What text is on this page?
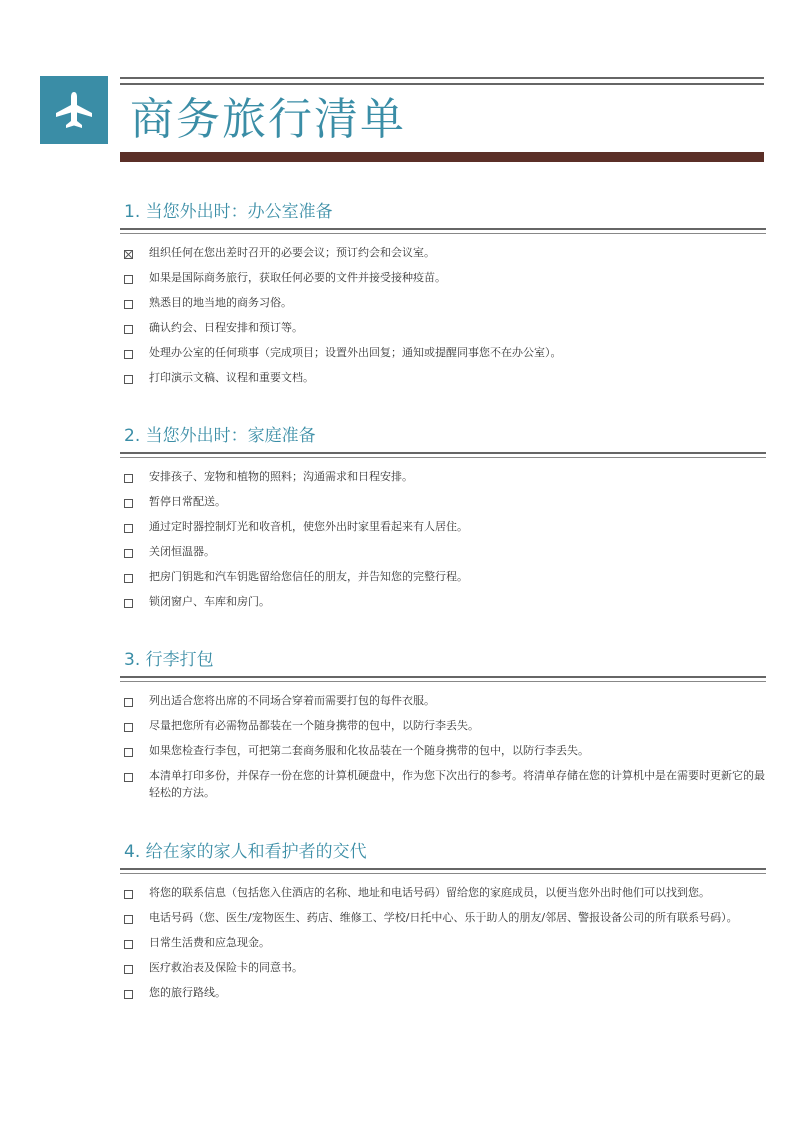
商务旅行清单
1. 当您外出时：办公室准备
组织任何在您出差时召开的必要会议；预订约会和会议室。
如果是国际商务旅行，获取任何必要的文件并接受接种疫苗。
熟悉目的地当地的商务习俗。
确认约会、日程安排和预订等。
处理办公室的任何琐事（完成项目；设置外出回复；通知或提醒同事您不在办公室）。
打印演示文稿、议程和重要文档。
2. 当您外出时：家庭准备
安排孩子、宠物和植物的照料；沟通需求和日程安排。
暂停日常配送。
通过定时器控制灯光和收音机，使您外出时家里看起来有人居住。
关闭恒温器。
把房门钥匙和汽车钥匙留给您信任的朋友，并告知您的完整行程。
锁闭窗户、车库和房门。
3. 行李打包
列出适合您将出席的不同场合穿着而需要打包的每件衣服。
尽量把您所有必需物品都装在一个随身携带的包中，以防行李丢失。
如果您检查行李包，可把第二套商务服和化妆品装在一个随身携带的包中，以防行李丢失。
本清单打印多份，并保存一份在您的计算机硬盘中，作为您下次出行的参考。将清单存储在您的计算机中是在需要时更新它的最轻松的方法。
4. 给在家的家人和看护者的交代
将您的联系信息（包括您入住酒店的名称、地址和电话号码）留给您的家庭成员，以便当您外出时他们可以找到您。
电话号码（您、医生/宠物医生、药店、维修工、学校/日托中心、乐于助人的朋友/邻居、警报设备公司的所有联系号码）。
日常生活费和应急现金。
医疗救治表及保险卡的同意书。
您的旅行路线。
